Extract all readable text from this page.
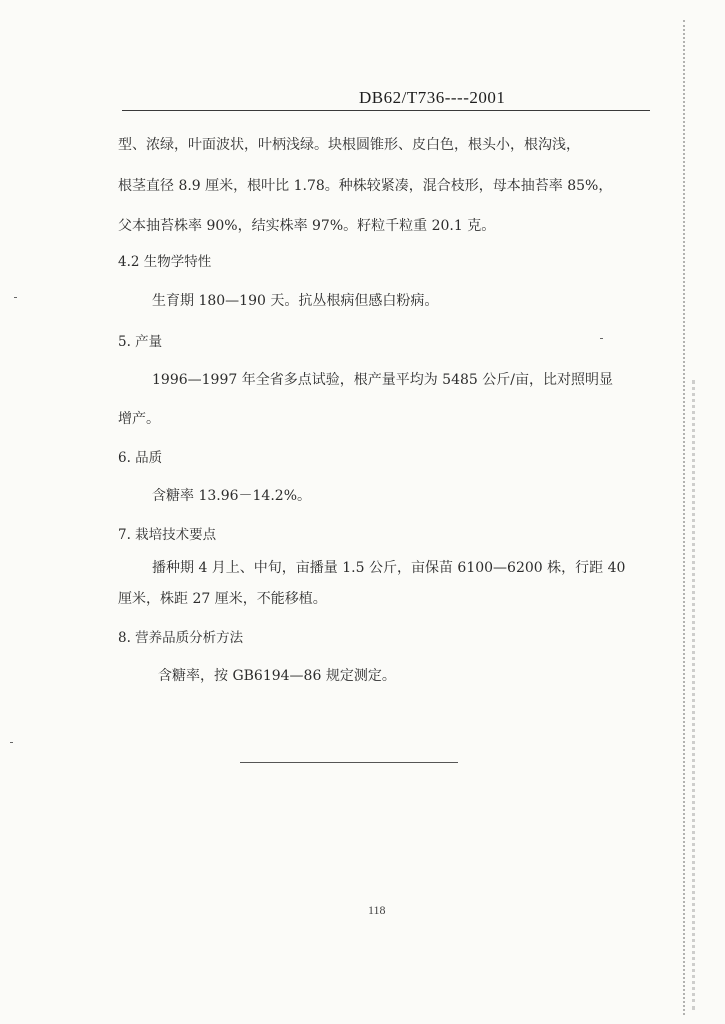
DB62/T736----2001
型、浓绿，叶面波状，叶柄浅绿。块根圆锥形、皮白色，根头小，根沟浅，
根茎直径 8.9 厘米，根叶比 1.78。种株较紧凑，混合枝形，母本抽苔率 85%，
父本抽苔株率 90%，结实株率 97%。籽粒千粒重 20.1 克。
4.2 生物学特性
生育期 180—190 天。抗丛根病但感白粉病。
5. 产量
1996—1997 年全省多点试验，根产量平均为 5485 公斤/亩，比对照明显
增产。
6. 品质
含糖率 13.96－14.2%。
7. 栽培技术要点
播种期 4 月上、中旬，亩播量 1.5 公斤，亩保苗 6100—6200 株，行距 40
厘米，株距 27 厘米，不能移植。
8. 营养品质分析方法
含糖率，按 GB6194—86 规定测定。
118
